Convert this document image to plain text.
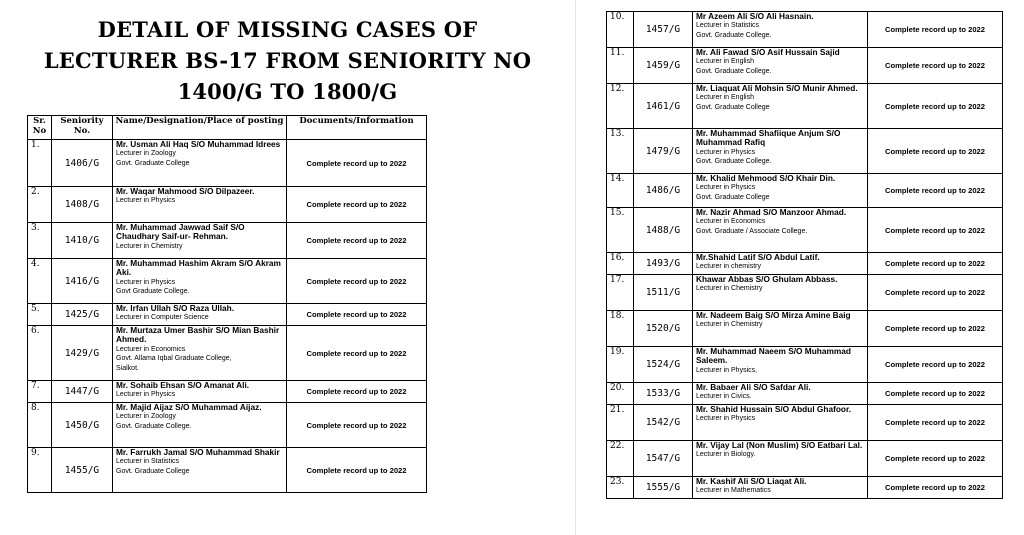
DETAIL OF MISSING CASES OF LECTURER BS-17 FROM SENIORITY NO 1400/G TO 1800/G
Sr. No	Seniority No.	Name/Designation/Place of posting	Documents/Information
1.	1406/G	Mr. Usman Ali Haq S/O Muhammad Idrees
Lecturer in Zoology
Govt. Graduate College	Complete record up to 2022
2.	1408/G	Mr. Waqar Mahmood S/O Dilpazeer.
Lecturer in Physics	Complete record up to 2022
3.	1410/G	Mr. Muhammad Jawwad Saif S/O Chaudhary Saif-ur- Rehman.
Lecturer in Chemistry	Complete record up to 2022
4.	1416/G	Mr. Muhammad Hashim Akram S/O Akram Aki.
Lecturer in Physics
Govt Graduate College.	Complete record up to 2022
5.	1425/G	Mr. Irfan Ullah S/O Raza Ullah.
Lecturer in Computer Science	Complete record up to 2022
6.	1429/G	Mr. Murtaza Umer Bashir S/O Mian Bashir Ahmed.
Lecturer in Economics
Govt. Allama Iqbal Graduate College,
Sialkot.	Complete record up to 2022
7.	1447/G	Mr. Sohaib Ehsan S/O Amanat Ali.
Lecturer in Physics	Complete record up to 2022
8.	1450/G	Mr. Majid Aijaz S/O Muhammad Aijaz.
Lecturer in Zoology
Govt. Graduate College.	Complete record up to 2022
9.	1455/G	Mr. Farrukh Jamal S/O Muhammad Shakir
Lecturer in Statistics
Govt. Graduate College	Complete record up to 2022
10.	1457/G	Mr Azeem Ali S/O Ali Hasnain.
Lecturer in Statistics
Govt. Graduate College.	Complete record up to 2022
11.	1459/G	Mr. Ali Fawad S/O Asif Hussain Sajid
Lecturer in English
Govt. Graduate College.	Complete record up to 2022
12.	1461/G	Mr. Liaquat Ali Mohsin S/O Munir Ahmed.
Lecturer in English
Govt. Graduate College	Complete record up to 2022
13.	1479/G	Mr. Muhammad Shafiique Anjum S/O Muhammad Rafiq
Lecturer in Physics
Govt. Graduate College.	Complete record up to 2022
14.	1486/G	Mr. Khalid Mehmood S/O Khair Din.
Lecturer in Physics
Govt. Graduate College	Complete record up to 2022
15.	1488/G	Mr. Nazir Ahmad S/O Manzoor Ahmad.
Lecturer in Economics
Govt. Graduate / Associate College.	Complete record up to 2022
16.	1493/G	Mr.Shahid Latif S/O Abdul Latif.
Lecturer in chemistry	Complete record up to 2022
17.	1511/G	Khawar Abbas S/O Ghulam Abbass.
Lecturer in Chemistry	Complete record up to 2022
18.	1520/G	Mr. Nadeem Baig S/O Mirza Amine Baig
Lecturer in Chemistry	Complete record up to 2022
19.	1524/G	Mr. Muhammad Naeem S/O Muhammad Saleem.
Lecturer in Physics,	Complete record up to 2022
20.	1533/G	Mr. Babaer Ali S/O Safdar Ali.
Lecturer in Civics.	Complete record up to 2022
21.	1542/G	Mr. Shahid Hussain S/O Abdul Ghafoor.
Lecturer in Physics	Complete record up to 2022
22.	1547/G	Mr. Vijay Lal (Non Muslim) S/O Eatbari Lal.
Lecturer in Biology.	Complete record up to 2022
23.	1555/G	Mr. Kashif Ali S/O Liaqat Ali.
Lecturer in Mathematics	Complete record up to 2022
